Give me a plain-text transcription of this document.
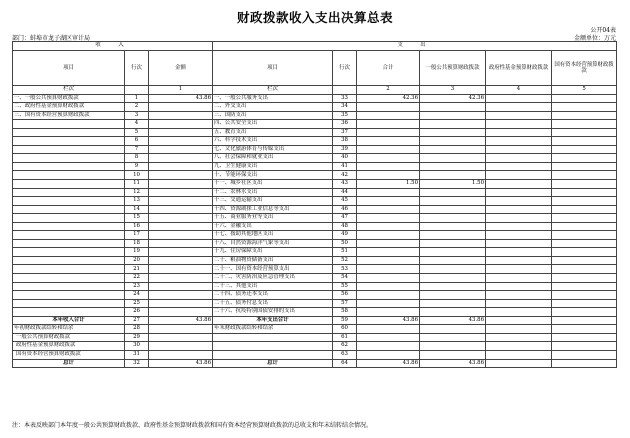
财政拨款收入支出决算总表
公开04表
部门：蚌埠市龙子湖区审计局	金额单位：万元
收　入			支　出					
项目	行次	金额	项目	行次	合计	一般公共预算财政拨款	政府性基金预算财政拨款	国有资本经营预算财政拨款
栏次		1	栏次		2	3	4	5
一、一般公共预算财政拨款	1	43.86	一、一般公共服务支出	33	42.36	42.36		
二、政府性基金预算财政拨款	2		二、外交支出	34				
三、国有资本经营预算财政拨款	3		三、国防支出	35				
	4		四、公共安全支出	36				
	5		五、教育支出	37				
	6		六、科学技术支出	38				
	7		七、文化旅游体育与传媒支出	39				
	8		八、社会保障和就业支出	40				
	9		九、卫生健康支出	41				
	10		十、节能环保支出	42				
	11		十一、城乡社区支出	43	1.50	1.50		
	12		十二、农林水支出	44				
	13		十三、交通运输支出	45				
	14		十四、资源勘探工业信息等支出	46				
	15		十五、商业服务业等支出	47				
	16		十六、金融支出	48				
	17		十七、援助其他地区支出	49				
	18		十八、自然资源海洋气象等支出	50				
	19		十九、住房保障支出	51				
	20		二十、粮油物资储备支出	52				
	21		二十一、国有资本经营预算支出	53				
	22		二十二、灾害防治及应急管理支出	54				
	23		二十三、其他支出	55				
	24		二十四、债务还本支出	56				
	25		二十五、债务付息支出	57				
	26		二十六、抗疫特别国债安排的支出	58				
本年收入合计	27	43.86	本年支出合计	59	43.86	43.86		
年初财政拨款结转和结余	28		年末财政拨款结转和结余	60				
一般公共预算财政拨款	29			61				
政府性基金预算财政拨款	30			62				
国有资本经营预算财政拨款	31			63				
总计	32	43.86	总计	64	43.86	43.86		
注：本表反映部门本年度一般公共预算财政拨款、政府性基金预算财政拨款和国有资本经营预算财政拨款的总收支和年末结转结余情况。
